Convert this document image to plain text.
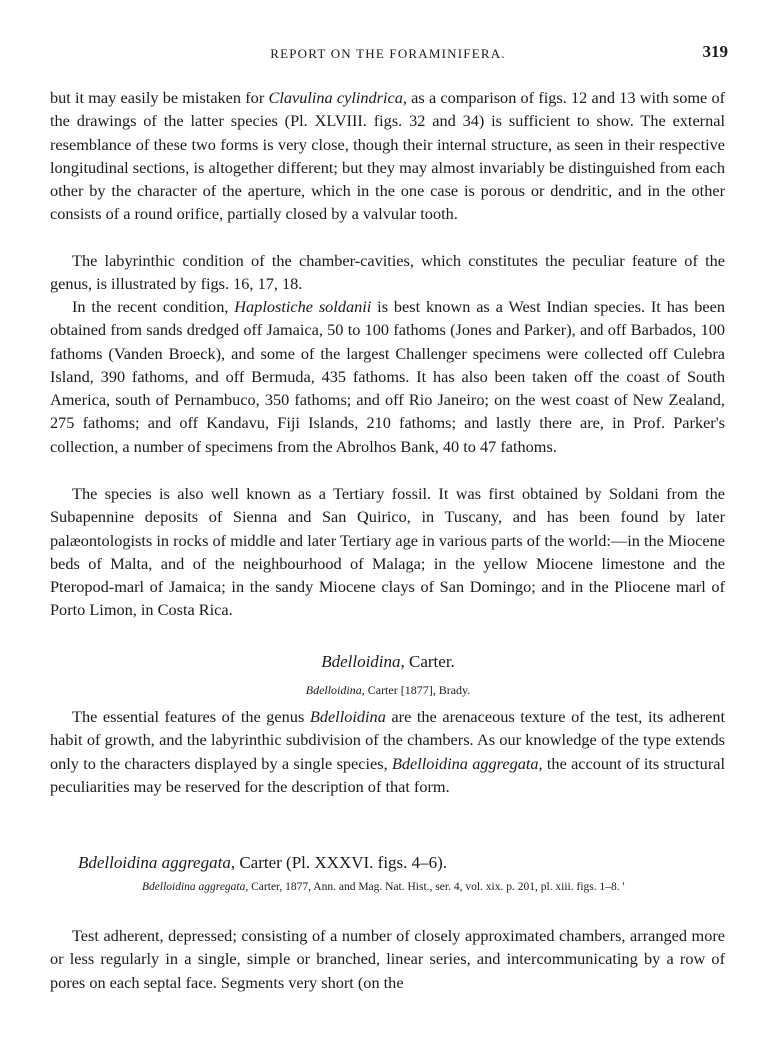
REPORT ON THE FORAMINIFERA.	319

but it may easily be mistaken for Clavulina cylindrica, as a comparison of figs. 12 and 13 with some of the drawings of the latter species (Pl. XLVIII. figs. 32 and 34) is sufficient to show. The external resemblance of these two forms is very close, though their internal structure, as seen in their respective longitudinal sections, is altogether different; but they may almost invariably be distinguished from each other by the character of the aperture, which in the one case is porous or dendritic, and in the other consists of a round orifice, partially closed by a valvular tooth.

The labyrinthic condition of the chamber-cavities, which constitutes the peculiar feature of the genus, is illustrated by figs. 16, 17, 18.

In the recent condition, Haplostiche soldanii is best known as a West Indian species. It has been obtained from sands dredged off Jamaica, 50 to 100 fathoms (Jones and Parker), and off Barbados, 100 fathoms (Vanden Broeck), and some of the largest Challenger specimens were collected off Culebra Island, 390 fathoms, and off Bermuda, 435 fathoms. It has also been taken off the coast of South America, south of Pernambuco, 350 fathoms; and off Rio Janeiro; on the west coast of New Zealand, 275 fathoms; and off Kandavu, Fiji Islands, 210 fathoms; and lastly there are, in Prof. Parker's collection, a number of specimens from the Abrolhos Bank, 40 to 47 fathoms.

The species is also well known as a Tertiary fossil. It was first obtained by Soldani from the Subapennine deposits of Sienna and San Quirico, in Tuscany, and has been found by later palæontologists in rocks of middle and later Tertiary age in various parts of the world:—in the Miocene beds of Malta, and of the neighbourhood of Malaga; in the yellow Miocene limestone and the Pteropod-marl of Jamaica; in the sandy Miocene clays of San Domingo; and in the Pliocene marl of Porto Limon, in Costa Rica.

Bdelloidina, Carter.
Bdelloidina, Carter [1877], Brady.

The essential features of the genus Bdelloidina are the arenaceous texture of the test, its adherent habit of growth, and the labyrinthic subdivision of the chambers. As our knowledge of the type extends only to the characters displayed by a single species, Bdelloidina aggregata, the account of its structural peculiarities may be reserved for the description of that form.

Bdelloidina aggregata, Carter (Pl. XXXVI. figs. 4–6).
Bdelloidina aggregata, Carter, 1877, Ann. and Mag. Nat. Hist., ser. 4, vol. xix. p. 201, pl. xiii. figs. 1–8. '

Test adherent, depressed; consisting of a number of closely approximated chambers, arranged more or less regularly in a single, simple or branched, linear series, and intercommunicating by a row of pores on each septal face. Segments very short (on the
